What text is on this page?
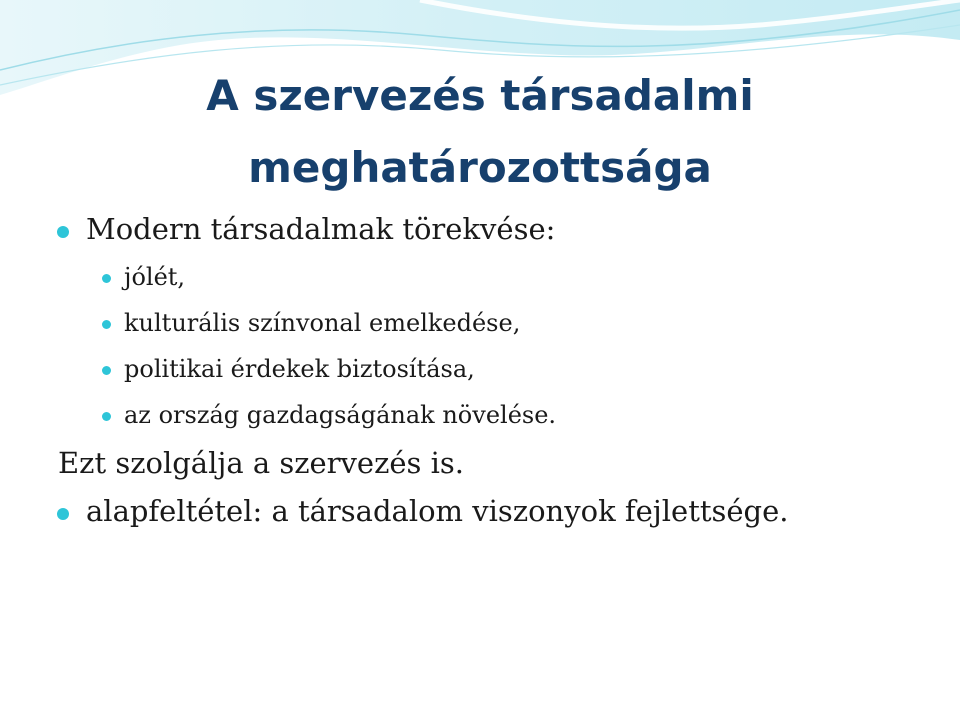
A szervezés társadalmi
meghatározottsága
Modern társadalmak törekvése:
jólét,
kulturális színvonal emelkedése,
politikai érdekek biztosítása,
az ország gazdagságának növelése.
Ezt szolgálja a szervezés is.
alapfeltétel: a társadalom viszonyok fejlettsége.
